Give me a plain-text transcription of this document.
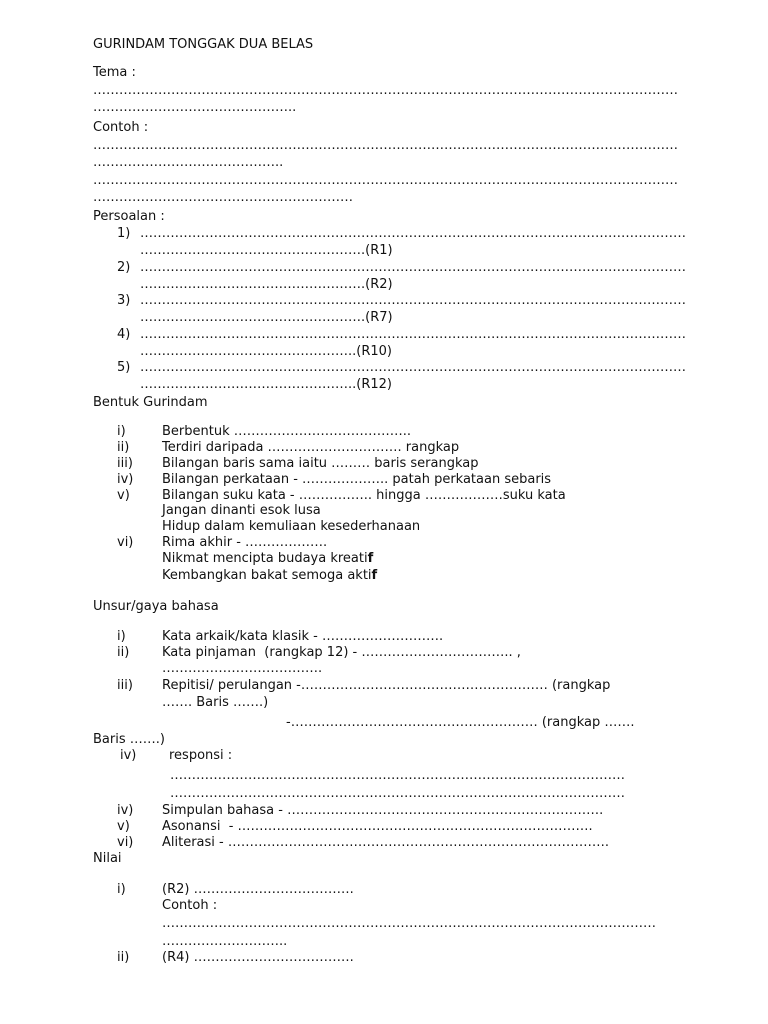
GURINDAM TONGGAK DUA BELAS

Tema :

………………………………………………………………………………………………………………………

………………………………………..

Contoh :

………………………………………………………………………………………………………………………

……………………………………..

………………………………………………………………………………………………………………………

……………………………………………………

Persoalan :

1) ………………………………………………………………………………………………………………

…………………………………………….(R1)

2) ………………………………………………………………………………………………………………

…………………………………………….(R2)

3) ………………………………………………………………………………………………………………

…………………………………………….(R7)

4) ………………………………………………………………………………………………………………

…………………………………………..(R10)

5) ………………………………………………………………………………………………………………

…………………………………………..(R12)

Bentuk Gurindam

i)	Berbentuk …………………………………..

ii)	Terdiri daripada …………………………. rangkap

iii) Bilangan baris sama iaitu ……… baris serangkap

iv) Bilangan perkataan - ……………….. patah perkataan sebaris

v) Bilangan suku kata - …………….. hingga ………………suku kata

Jangan dinanti esok lusa

Hidup dalam kemuliaan kesederhanaan

vi) Rima akhir - ……………….

Nikmat mencipta budaya kreatif

Kembangkan bakat semoga aktif

Unsur/gaya bahasa

i)	Kata arkaik/kata klasik - ……………………….

ii)	Kata pinjaman  (rangkap 12) - …………………………….. ,

……………………………….

iii) Repitisi/ perulangan -………………………………………………… (rangkap

……. Baris …….)

-………………………………………………… (rangkap …….

Baris …….)

iv)	responsi :

……………………………………………………………………………………………

……………………………………………………………………………………………

iv) Simpulan bahasa - ……………………………………………………………….

v) Asonansi  - ……………………………………………………………………….

vi) Aliterasi - …………………………………………………………………………….

Nilai

i)	(R2) ……………………………….

Contoh :

……………………………………………………………………………………………………

………………………..

ii)	(R4) ……………………………….
